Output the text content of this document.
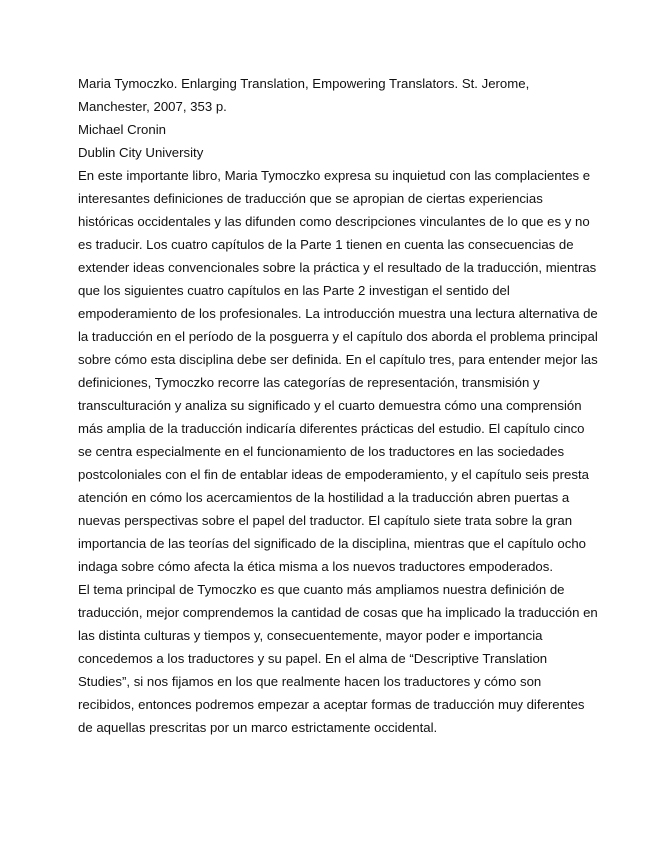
Maria Tymoczko. Enlarging Translation, Empowering Translators. St. Jerome,

Manchester, 2007, 353 p.

Michael Cronin

Dublin City University

En este importante libro, Maria Tymoczko expresa su inquietud con las complacientes e interesantes definiciones de traducción que se apropian de ciertas experiencias históricas occidentales y las difunden como descripciones vinculantes de lo que es y no es traducir. Los cuatro capítulos de la Parte 1 tienen en cuenta las consecuencias de extender ideas convencionales sobre la práctica y el resultado de la traducción, mientras que los siguientes cuatro capítulos en las Parte 2 investigan el sentido del empoderamiento de los profesionales. La introducción muestra una lectura alternativa de la traducción en el período de la posguerra y el capítulo dos aborda el problema principal sobre cómo esta disciplina debe ser definida. En el capítulo tres, para entender mejor las definiciones, Tymoczko recorre las categorías de representación, transmisión y transculturación y analiza su significado y el cuarto demuestra cómo una comprensión más amplia de la traducción indicaría diferentes prácticas del estudio. El capítulo cinco se centra especialmente en el funcionamiento de los traductores en las sociedades postcoloniales con el fin de entablar ideas de empoderamiento, y el capítulo seis presta atención en cómo los acercamientos de la hostilidad a la traducción abren puertas a nuevas perspectivas sobre el papel del traductor. El capítulo siete trata sobre la gran importancia de las teorías del significado de la disciplina, mientras que el capítulo ocho indaga sobre cómo afecta la ética misma a los nuevos traductores empoderados.

El tema principal de Tymoczko es que cuanto más ampliamos nuestra definición de traducción, mejor comprendemos la cantidad de cosas que ha implicado la traducción en las distinta culturas y tiempos y, consecuentemente, mayor poder e importancia concedemos a los traductores y su papel. En el alma de “Descriptive Translation Studies”, si nos fijamos en los que realmente hacen los traductores y cómo son recibidos, entonces podremos empezar a aceptar formas de traducción muy diferentes de aquellas prescritas por un marco estrictamente occidental.
